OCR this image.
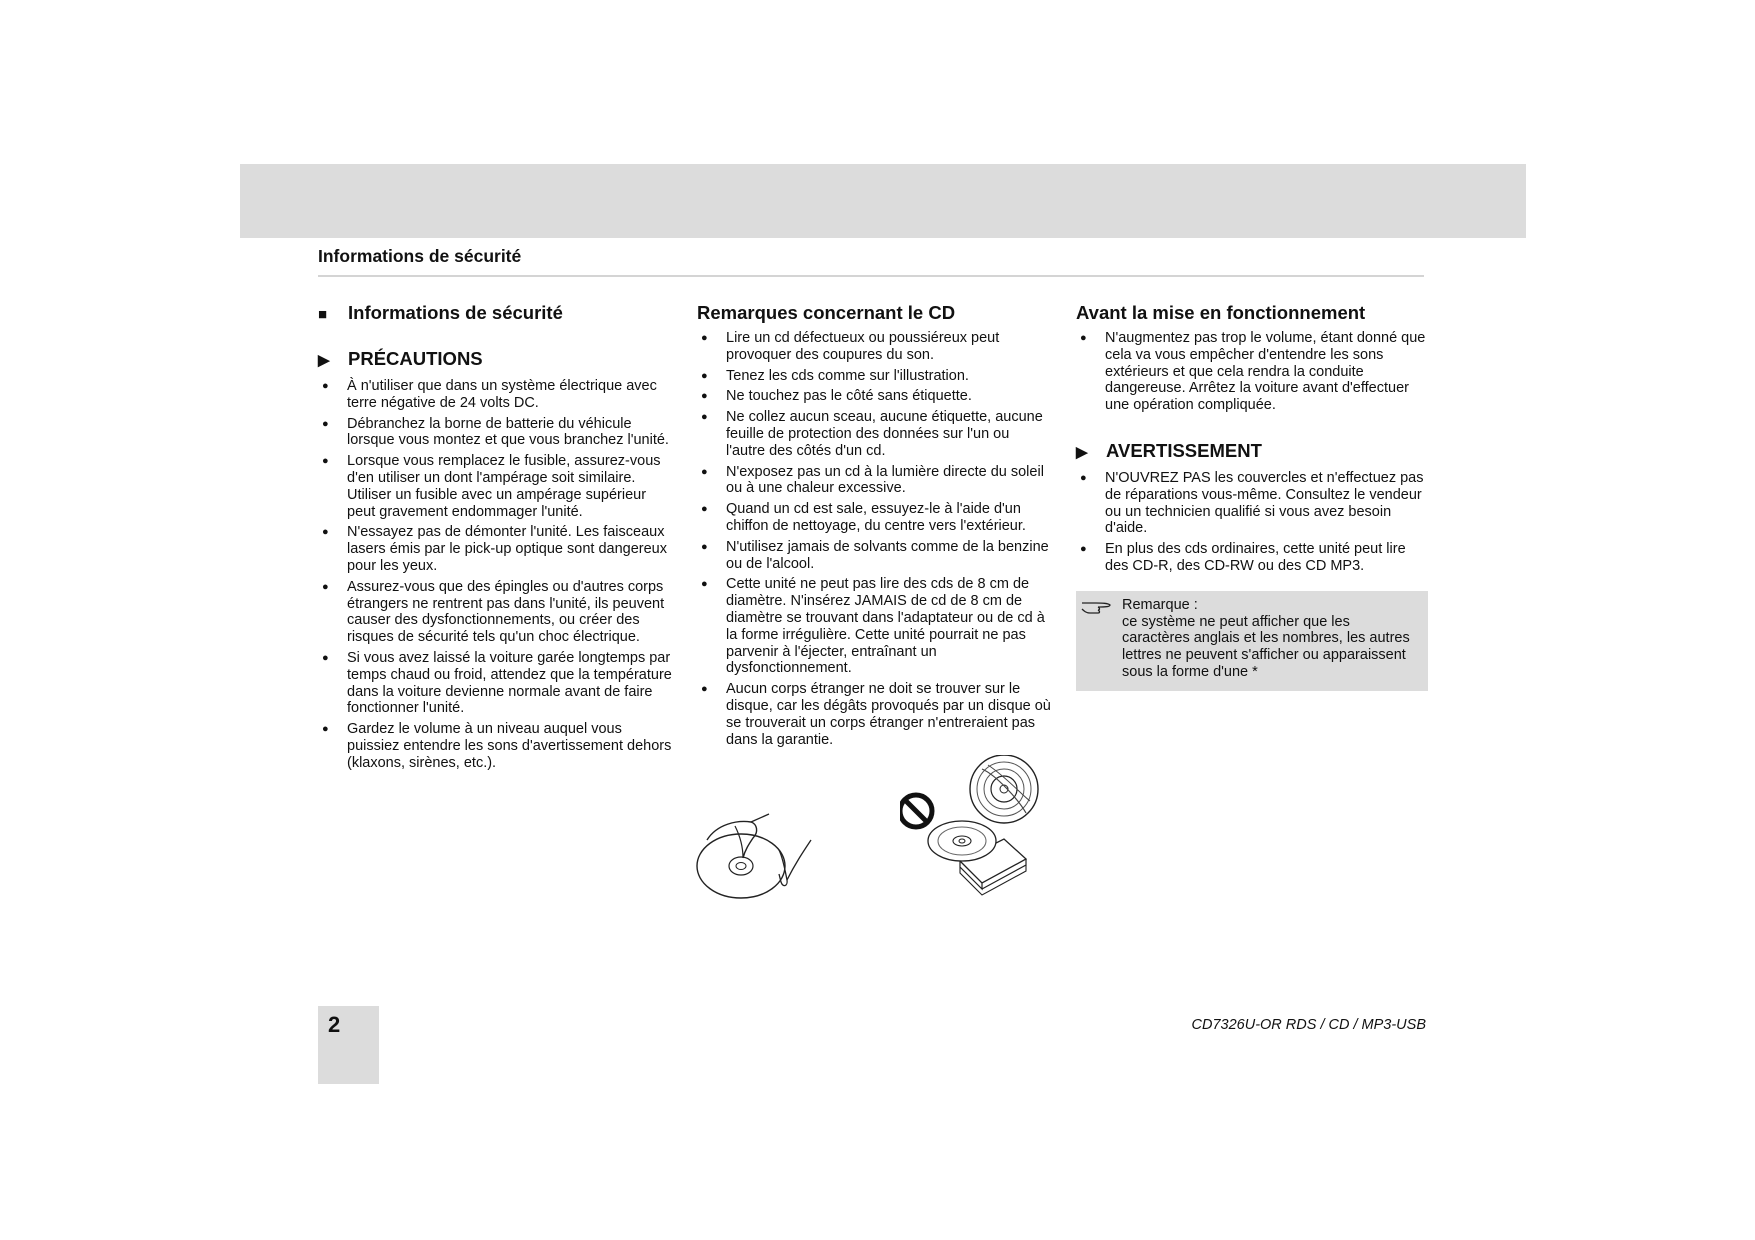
Informations de sécurité
■ Informations de sécurité
▶ PRÉCAUTIONS
● À n'utiliser que dans un système électrique avec terre négative de 24 volts DC.
● Débranchez la borne de batterie du véhicule lorsque vous montez et que vous branchez l'unité.
● Lorsque vous remplacez le fusible, assurez-vous d'en utiliser un dont l'ampérage soit similaire. Utiliser un fusible avec un ampérage supérieur peut gravement endommager l'unité.
● N'essayez pas de démonter l'unité. Les faisceaux lasers émis par le pick-up optique sont dangereux pour les yeux.
● Assurez-vous que des épingles ou d'autres corps étrangers ne rentrent pas dans l'unité, ils peuvent causer des dysfonctionnements, ou créer des risques de sécurité tels qu'un choc électrique.
● Si vous avez laissé la voiture garée longtemps par temps chaud ou froid, attendez que la température dans la voiture devienne normale avant de faire fonctionner l'unité.
● Gardez le volume à un niveau auquel vous puissiez entendre les sons d'avertissement dehors (klaxons, sirènes, etc.).
Remarques concernant le CD
● Lire un cd défectueux ou poussiéreux peut provoquer des coupures du son.
● Tenez les cds comme sur l'illustration.
● Ne touchez pas le côté sans étiquette.
● Ne collez aucun sceau, aucune étiquette, aucune feuille de protection des données sur l'un ou l'autre des côtés d'un cd.
● N'exposez pas un cd à la lumière directe du soleil ou à une chaleur excessive.
● Quand un cd est sale, essuyez-le à l'aide d'un chiffon de nettoyage, du centre vers l'extérieur.
● N'utilisez jamais de solvants comme de la benzine ou de l'alcool.
● Cette unité ne peut pas lire des cds de 8 cm de diamètre. N'insérez JAMAIS de cd de 8 cm de diamètre se trouvant dans l'adaptateur ou de cd à la forme irrégulière. Cette unité pourrait ne pas parvenir à l'éjecter, entraînant un dysfonctionnement.
● Aucun corps étranger ne doit se trouver sur le disque, car les dégâts provoqués par un disque où se trouverait un corps étranger n'entreraient pas dans la garantie.
Avant la mise en fonctionnement
● N'augmentez pas trop le volume, étant donné que cela va vous empêcher d'entendre les sons extérieurs et que cela rendra la conduite dangereuse. Arrêtez la voiture avant d'effectuer une opération compliquée.
▶ AVERTISSEMENT
● N'OUVREZ PAS les couvercles et n'effectuez pas de réparations vous-même. Consultez le vendeur ou un technicien qualifié si vous avez besoin d'aide.
● En plus des cds ordinaires, cette unité peut lire des CD-R, des CD-RW ou des CD MP3.
Remarque :
ce système ne peut afficher que les caractères anglais et les nombres, les autres lettres ne peuvent s'afficher ou apparaissent sous la forme d'une *
2	CD7326U-OR RDS / CD / MP3-USB
